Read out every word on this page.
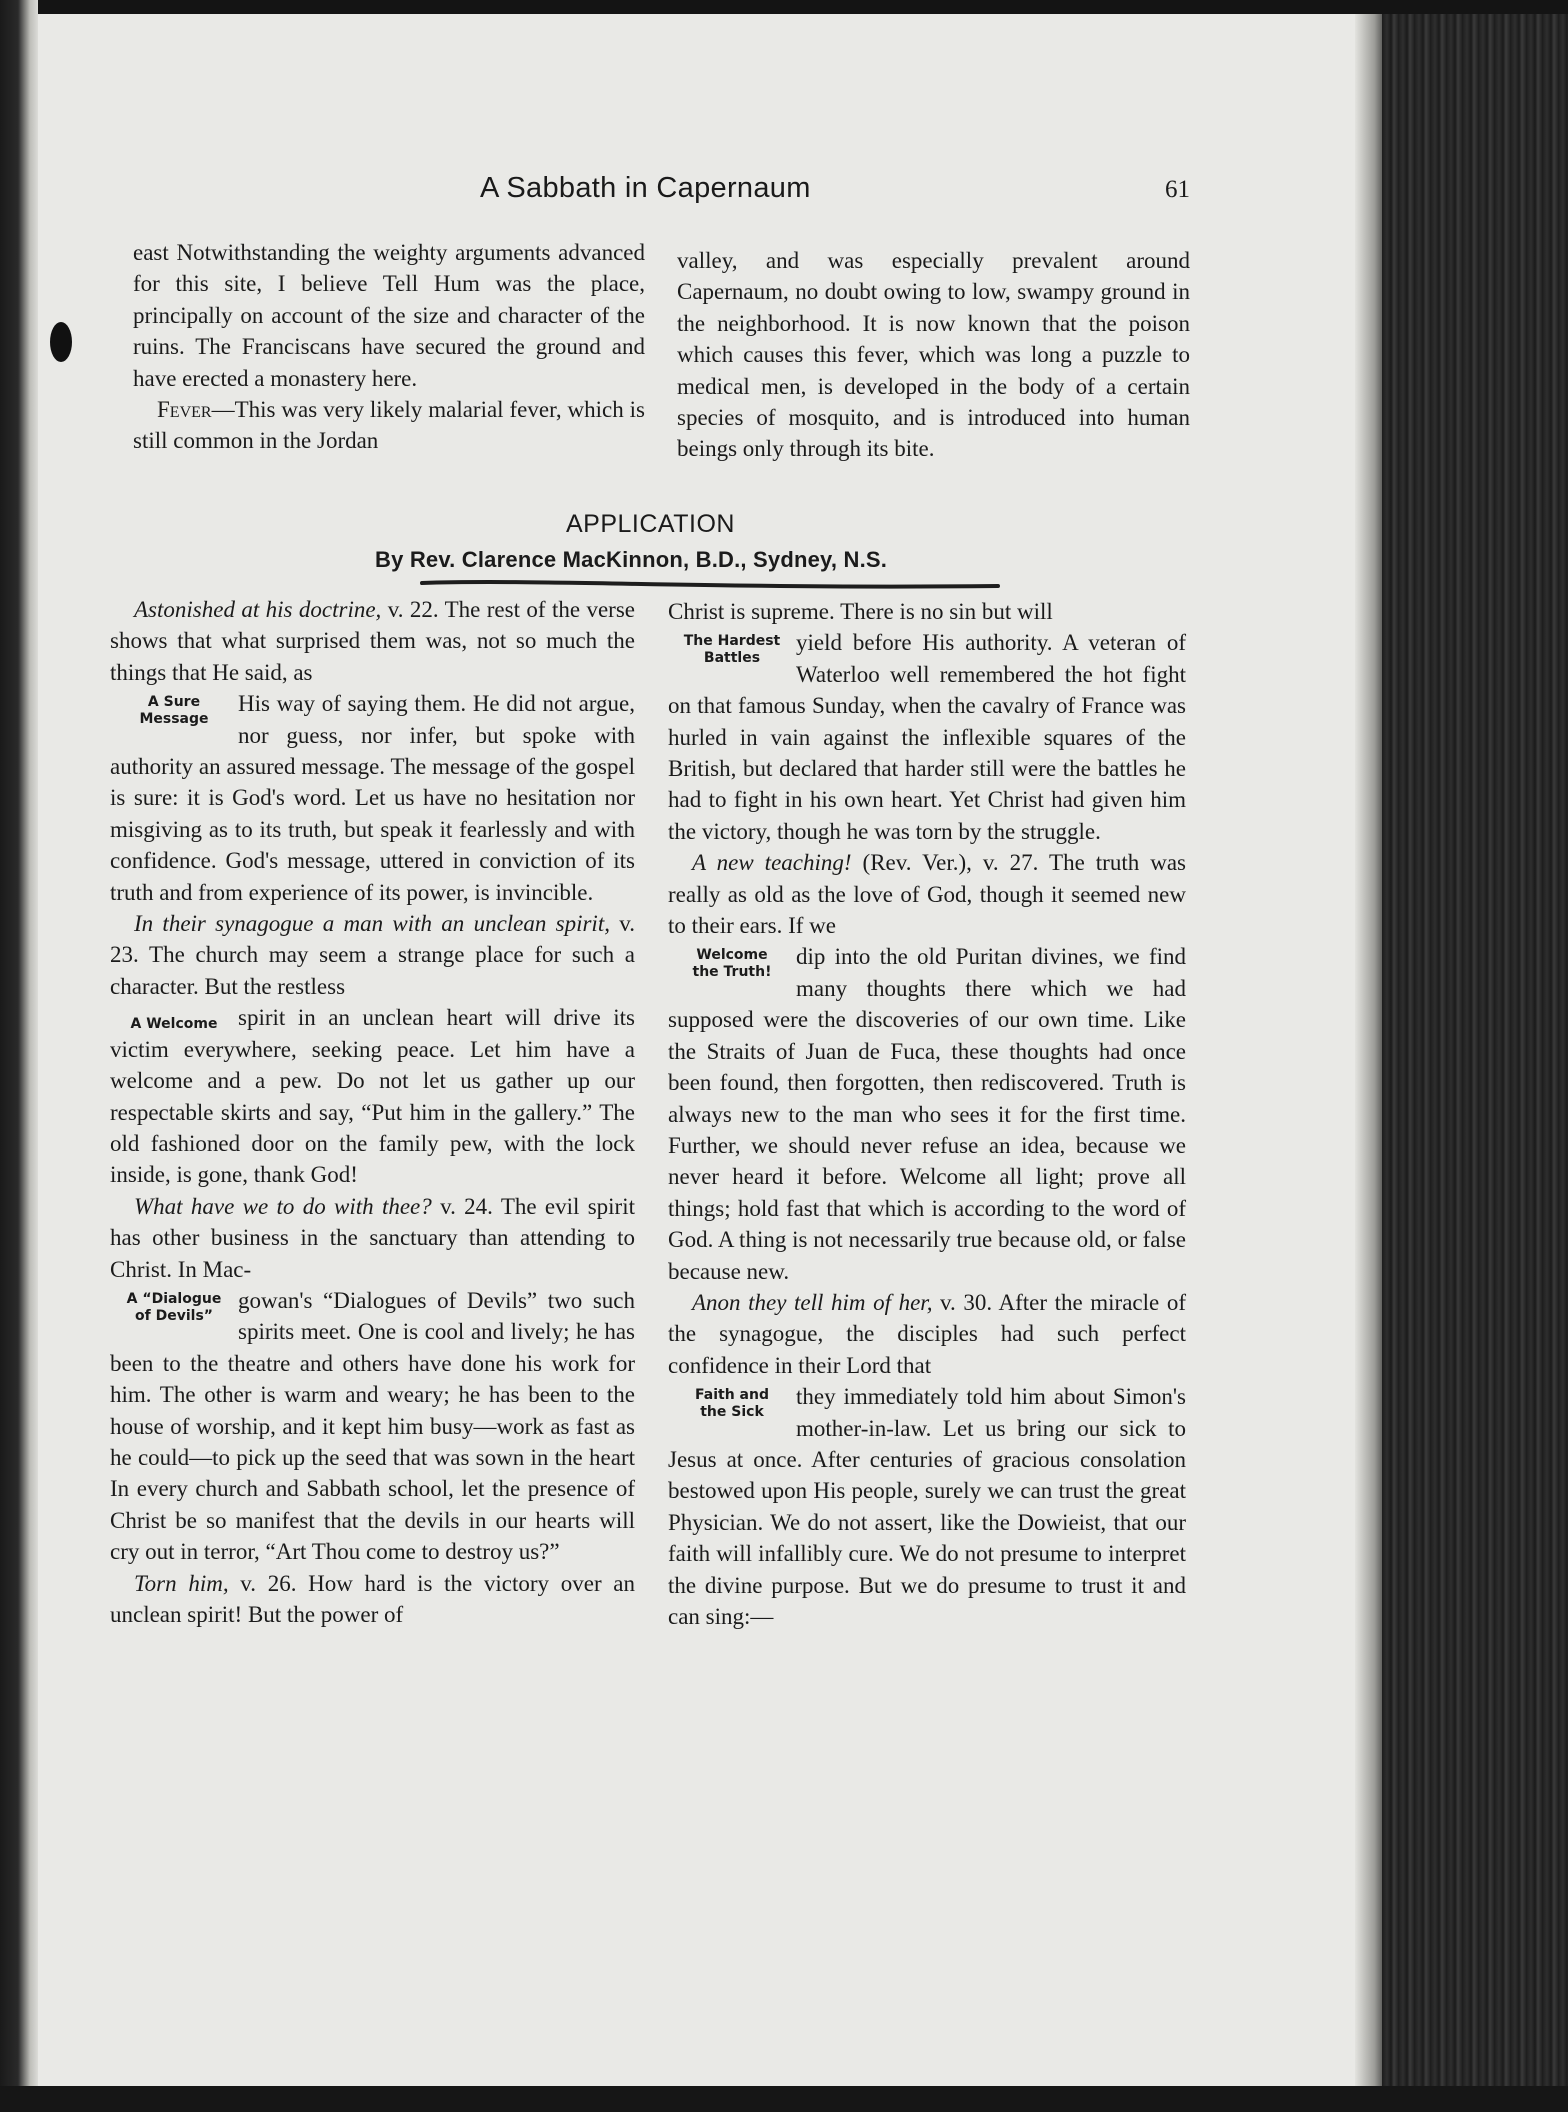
A Sabbath in Capernaum	61

east Notwithstanding the weighty arguments advanced for this site, I believe Tell Hum was the place, principally on account of the size and character of the ruins. The Franciscans have secured the ground and have erected a monastery here.

Fever—This was very likely malarial fever, which is still common in the Jordan

valley, and was especially prevalent around Capernaum, no doubt owing to low, swampy ground in the neighborhood. It is now known that the poison which causes this fever, which was long a puzzle to medical men, is developed in the body of a certain species of mosquito, and is introduced into human beings only through its bite.

APPLICATION
By Rev. Clarence MacKinnon, B.D., Sydney, N.S.

Astonished at his doctrine, v. 22. The rest of the verse shows that what surprised them was, not so much the things that He said, as

A Sure
Message

His way of saying them. He did not argue, nor guess, nor infer, but spoke with authority an assured message. The message of the gospel is sure: it is God's word. Let us have no hesitation nor misgiving as to its truth, but speak it fearlessly and with confidence. God's message, uttered in conviction of its truth and from experience of its power, is invincible.

In their synagogue a man with an unclean spirit, v. 23. The church may seem a strange place for such a character. But the restless

A Welcome spirit in an unclean heart will drive its victim everywhere, seeking peace. Let him have a welcome and a pew. Do not let us gather up our respectable skirts and say, “Put him in the gallery.” The old fashioned door on the family pew, with the lock inside, is gone, thank God!

What have we to do with thee? v. 24. The evil spirit has other business in the sanctuary than attending to Christ. In Mac-

A “Dialogue
of Devils”

gowan's “Dialogues of Devils” two such spirits meet. One is cool and lively; he has been to the theatre and others have done his work for him. The other is warm and weary; he has been to the house of worship, and it kept him busy—work as fast as he could—to pick up the seed that was sown in the heart In every church and Sabbath school, let the presence of Christ be so manifest that the devils in our hearts will cry out in terror, “Art Thou come to destroy us?”

Torn him, v. 26. How hard is the victory over an unclean spirit! But the power of

Christ is supreme. There is no sin but will

The Hardest
Battles

yield before His authority. A veteran of Waterloo well remembered the hot fight on that famous Sunday, when the cavalry of France was hurled in vain against the inflexible squares of the British, but declared that harder still were the battles he had to fight in his own heart. Yet Christ had given him the victory, though he was torn by the struggle.

A new teaching! (Rev. Ver.), v. 27. The truth was really as old as the love of God, though it seemed new to their ears. If we

Welcome
the Truth!

dip into the old Puritan divines, we find many thoughts there which we had supposed were the discoveries of our own time. Like the Straits of Juan de Fuca, these thoughts had once been found, then forgotten, then rediscovered. Truth is always new to the man who sees it for the first time. Further, we should never refuse an idea, because we never heard it before. Welcome all light; prove all things; hold fast that which is according to the word of God. A thing is not necessarily true because old, or false because new.

Anon they tell him of her, v. 30. After the miracle of the synagogue, the disciples had such perfect confidence in their Lord that

Faith and
the Sick

they immediately told him about Simon's mother-in-law. Let us bring our sick to Jesus at once. After centuries of gracious consolation bestowed upon His people, surely we can trust the great Physician. We do not assert, like the Dowieist, that our faith will infallibly cure. We do not presume to interpret the divine purpose. But we do presume to trust it and can sing:—
